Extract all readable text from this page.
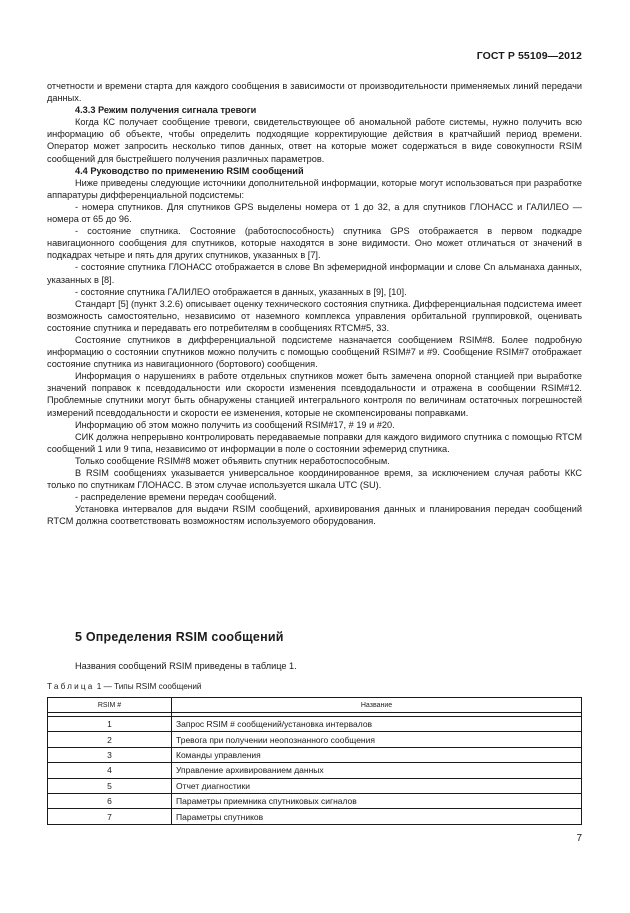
ГОСТ Р 55109—2012

отчетности и времени старта для каждого сообщения в зависимости от производительности применяемых линий передачи данных.

4.3.3 Режим получения сигнала тревоги

Когда КС получает сообщение тревоги, свидетельствующее об аномальной работе системы, нужно получить всю информацию об объекте, чтобы определить подходящие корректирующие действия в кратчайший период времени. Оператор может запросить несколько типов данных, ответ на которые может содержаться в виде совокупности RSIM сообщений для быстрейшего получения различных параметров.

4.4 Руководство по применению RSIM сообщений

Ниже приведены следующие источники дополнительной информации, которые могут использоваться при разработке аппаратуры дифференциальной подсистемы:

- номера спутников. Для спутников GPS выделены номера от 1 до 32, а для спутников ГЛОНАСС и ГАЛИЛЕО — номера от 65 до 96.

- состояние спутника. Состояние (работоспособность) спутника GPS отображается в первом подкадре навигационного сообщения для спутников, которые находятся в зоне видимости. Оно может отличаться от значений в подкадрах четыре и пять для других спутников, указанных в [7].

- состояние спутника ГЛОНАСС отображается в слове Bn эфемеридной информации и слове Cn альманаха данных, указанных в [8].

- состояние спутника ГАЛИЛЕО отображается в данных, указанных в [9], [10].

Стандарт [5] (пункт 3.2.6) описывает оценку технического состояния спутника. Дифференциальная подсистема имеет возможность самостоятельно, независимо от наземного комплекса управления орбитальной группировкой, оценивать состояние спутника и передавать его потребителям в сообщениях RTCM#5, 33.

Состояние спутников в дифференциальной подсистеме назначается сообщением RSIM#8. Более подробную информацию о состоянии спутников можно получить с помощью сообщений RSIM#7 и #9. Сообщение RSIM#7 отображает состояние спутника из навигационного (бортового) сообщения.

Информация о нарушениях в работе отдельных спутников может быть замечена опорной станцией при выработке значений поправок к псевдодальности или скорости изменения псевдодальности и отражена в сообщении RSIM#12. Проблемные спутники могут быть обнаружены станцией интегрального контроля по величинам остаточных погрешностей измерений псевдодальности и скорости ее изменения, которые не скомпенсированы поправками.

Информацию об этом можно получить из сообщений RSIM#17, # 19 и #20.

СИК должна непрерывно контролировать передаваемые поправки для каждого видимого спутника с помощью RTCM сообщений 1 или 9 типа, независимо от информации в поле о состоянии эфемерид спутника.

Только сообщение RSIM#8 может объявить спутник неработоспособным.

В RSIM сообщениях указывается универсальное координированное время, за исключением случая работы ККС только по спутникам ГЛОНАСС. В этом случае используется шкала UTC (SU).

- распределение времени передач сообщений.

Установка интервалов для выдачи RSIM сообщений, архивирования данных и планирования передач сообщений RTCM должна соответствовать возможностям используемого оборудования.

5 Определения RSIM сообщений
Названия сообщений RSIM приведены в таблице 1.
Таблица 1 — Типы RSIM сообщений
RSIM #	Название

1	Запрос RSIM # сообщений/установка интервалов
2	Тревога при получении неопознанного сообщения
3	Команды управления
4	Управление архивированием данных
5	Отчет диагностики
6	Параметры приемника спутниковых сигналов
7	Параметры спутников
7
